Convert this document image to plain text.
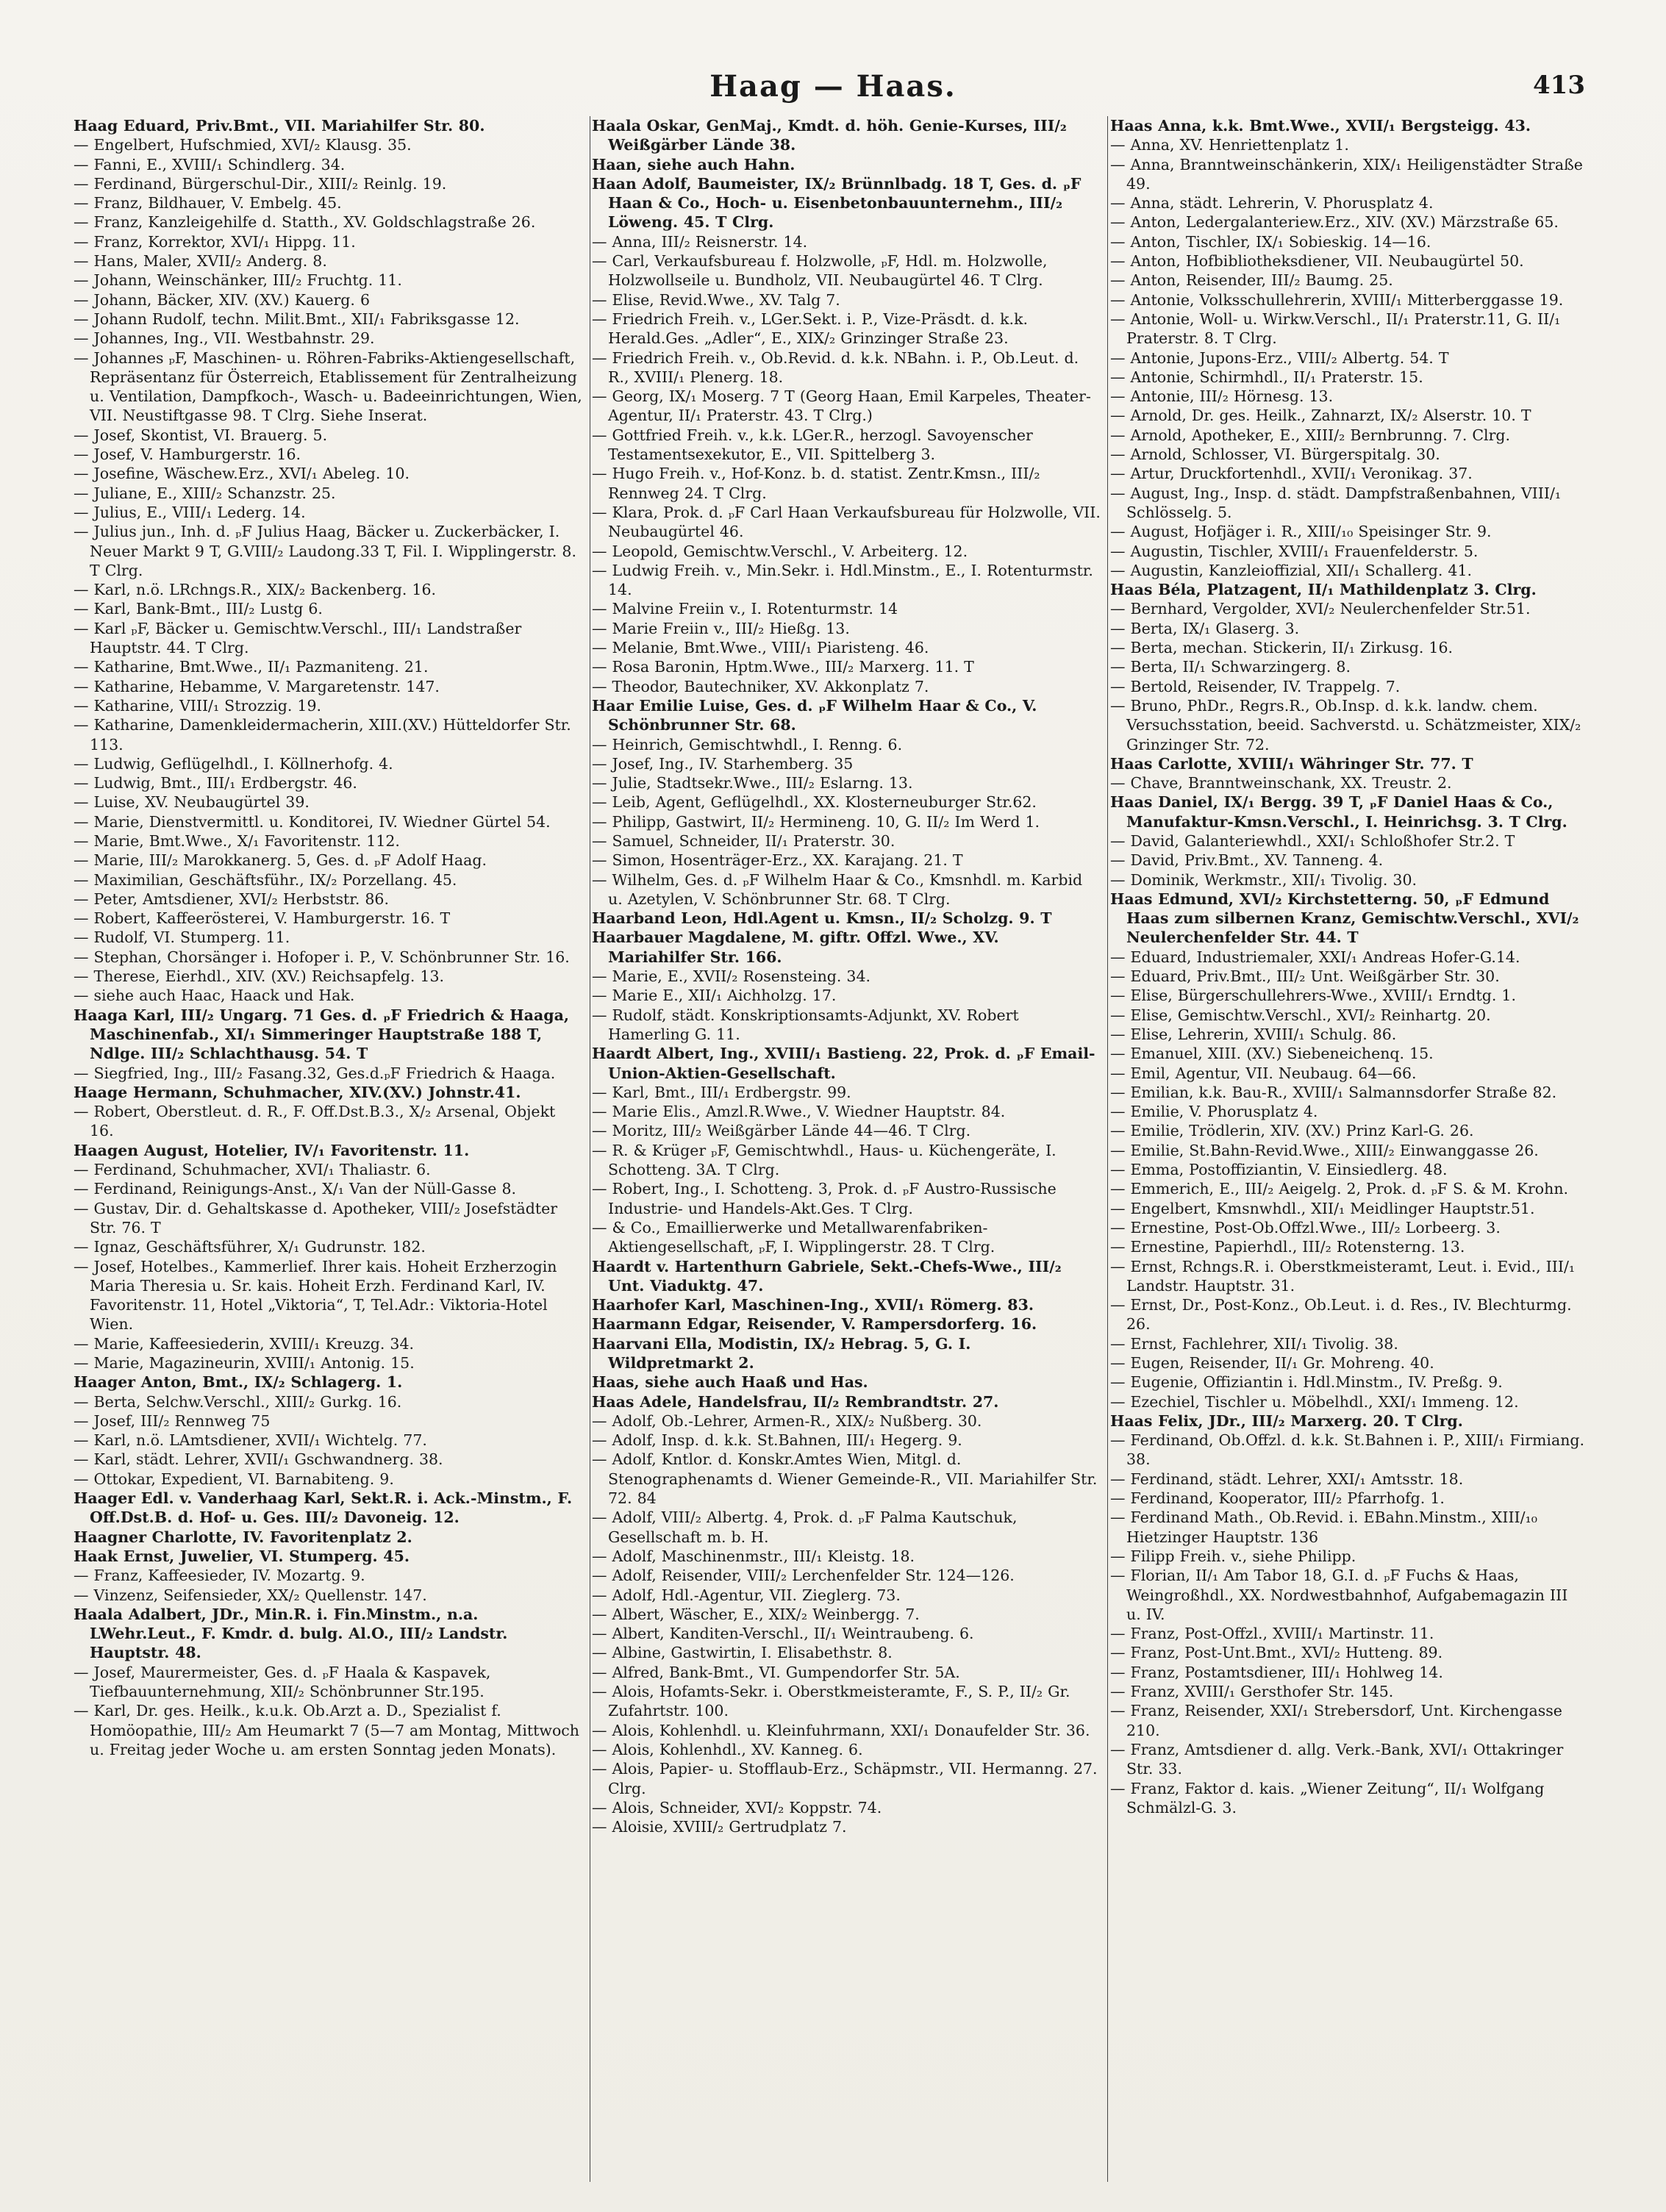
Haag — Haas.	413
Haag Eduard, Priv.Bmt., VII. Mariahilfer Str. 80.
— Engelbert, Hufschmied, XVI/₂ Klausg. 35.
— Fanni, E., XVIII/₁ Schindlerg. 34.
— Ferdinand, Bürgerschul-Dir., XIII/₂ Reinlg. 19.
— Franz, Bildhauer, V. Embelg. 45.
— Franz, Kanzleigehilfe d. Statth., XV. Goldschlagstraße 26.
— Franz, Korrektor, XVI/₁ Hippg. 11.
— Hans, Maler, XVII/₂ Anderg. 8.
— Johann, Weinschänker, III/₂ Fruchtg. 11.
— Johann, Bäcker, XIV. (XV.) Kauerg. 6
— Johann Rudolf, techn. Milit.Bmt., XII/₁ Fabriksgasse 12.
— Johannes, Ing., VII. Westbahnstr. 29.
— Johannes ₚF, Maschinen- u. Röhren-Fabriks-Aktiengesellschaft, Repräsentanz für Österreich, Etablissement für Zentralheizung u. Ventilation, Dampfkoch-, Wasch- u. Badeeinrichtungen, Wien, VII. Neustiftgasse 98. T Clrg. Siehe Inserat.
— Josef, Skontist, VI. Brauerg. 5.
— Josef, V. Hamburgerstr. 16.
— Josefine, Wäschew.Erz., XVI/₁ Abeleg. 10.
— Juliane, E., XIII/₂ Schanzstr. 25.
— Julius, E., VIII/₁ Lederg. 14.
— Julius jun., Inh. d. ₚF Julius Haag, Bäcker u. Zuckerbäcker, I. Neuer Markt 9 T, G.VIII/₂ Laudong.33 T, Fil. I. Wipplingerstr. 8. T Clrg.
— Karl, n.ö. LRchngs.R., XIX/₂ Backenberg. 16.
— Karl, Bank-Bmt., III/₂ Lustg 6.
— Karl ₚF, Bäcker u. Gemischtw.Verschl., III/₁ Landstraßer Hauptstr. 44. T Clrg.
— Katharine, Bmt.Wwe., II/₁ Pazmaniteng. 21.
— Katharine, Hebamme, V. Margaretenstr. 147.
— Katharine, VIII/₁ Strozzig. 19.
— Katharine, Damenkleidermacherin, XIII.(XV.) Hütteldorfer Str. 113.
— Ludwig, Geflügelhdl., I. Köllnerhofg. 4.
— Ludwig, Bmt., III/₁ Erdbergstr. 46.
— Luise, XV. Neubaugürtel 39.
— Marie, Dienstvermittl. u. Konditorei, IV. Wiedner Gürtel 54.
— Marie, Bmt.Wwe., X/₁ Favoritenstr. 112.
— Marie, III/₂ Marokkanerg. 5, Ges. d. ₚF Adolf Haag.
— Maximilian, Geschäftsführ., IX/₂ Porzellang. 45.
— Peter, Amtsdiener, XVI/₂ Herbststr. 86.
— Robert, Kaffeerösterei, V. Hamburgerstr. 16. T
— Rudolf, VI. Stumperg. 11.
— Stephan, Chorsänger i. Hofoper i. P., V. Schönbrunner Str. 16.
— Therese, Eierhdl., XIV. (XV.) Reichsapfelg. 13.
— siehe auch Haac, Haack und Hak.
Haaga Karl, III/₂ Ungarg. 71 Ges. d. ₚF Friedrich & Haaga, Maschinenfab., XI/₁ Simmeringer Hauptstraße 188 T, Ndlge. III/₂ Schlachthausg. 54. T
— Siegfried, Ing., III/₂ Fasang.32, Ges.d.ₚF Friedrich & Haaga.
Haage Hermann, Schuhmacher, XIV.(XV.) Johnstr.41.
— Robert, Oberstleut. d. R., F. Off.Dst.B.3., X/₂ Arsenal, Objekt 16.
Haagen August, Hotelier, IV/₁ Favoritenstr. 11.
— Ferdinand, Schuhmacher, XVI/₁ Thaliastr. 6.
— Ferdinand, Reinigungs-Anst., X/₁ Van der Nüll-Gasse 8.
— Gustav, Dir. d. Gehaltskasse d. Apotheker, VIII/₂ Josefstädter Str. 76. T
— Ignaz, Geschäftsführer, X/₁ Gudrunstr. 182.
— Josef, Hotelbes., Kammerlief. Ihrer kais. Hoheit Erzherzogin Maria Theresia u. Sr. kais. Hoheit Erzh. Ferdinand Karl, IV. Favoritenstr. 11, Hotel „Viktoria“, T, Tel.Adr.: Viktoria-Hotel Wien.
— Marie, Kaffeesiederin, XVIII/₁ Kreuzg. 34.
— Marie, Magazineurin, XVIII/₁ Antonig. 15.
Haager Anton, Bmt., IX/₂ Schlagerg. 1.
— Berta, Selchw.Verschl., XIII/₂ Gurkg. 16.
— Josef, III/₂ Rennweg 75
— Karl, n.ö. LAmtsdiener, XVII/₁ Wichtelg. 77.
— Karl, städt. Lehrer, XVII/₁ Gschwandnerg. 38.
— Ottokar, Expedient, VI. Barnabiteng. 9.
Haager Edl. v. Vanderhaag Karl, Sekt.R. i. Ack.-Minstm., F. Off.Dst.B. d. Hof- u. Ges. III/₂ Davoneig. 12.
Haagner Charlotte, IV. Favoritenplatz 2.
Haak Ernst, Juwelier, VI. Stumperg. 45.
— Franz, Kaffeesieder, IV. Mozartg. 9.
— Vinzenz, Seifensieder, XX/₂ Quellenstr. 147.
Haala Adalbert, JDr., Min.R. i. Fin.Minstm., n.a. LWehr.Leut., F. Kmdr. d. bulg. Al.O., III/₂ Landstr. Hauptstr. 48.
— Josef, Maurermeister, Ges. d. ₚF Haala & Kaspavek, Tiefbauunternehmung, XII/₂ Schönbrunner Str.195.
— Karl, Dr. ges. Heilk., k.u.k. Ob.Arzt a. D., Spezialist f. Homöopathie, III/₂ Am Heumarkt 7 (5—7 am Montag, Mittwoch u. Freitag jeder Woche u. am ersten Sonntag jeden Monats).
Haala Oskar, GenMaj., Kmdt. d. höh. Genie-Kurses, III/₂ Weißgärber Lände 38.
Haan, siehe auch Hahn.
Haan Adolf, Baumeister, IX/₂ Brünnlbadg. 18 T, Ges. d. ₚF Haan & Co., Hoch- u. Eisenbetonbauunternehm., III/₂ Löweng. 45. T Clrg.
— Anna, III/₂ Reisnerstr. 14.
— Carl, Verkaufsbureau f. Holzwolle, ₚF, Hdl. m. Holzwolle, Holzwollseile u. Bundholz, VII. Neubaugürtel 46. T Clrg.
— Elise, Revid.Wwe., XV. Talg 7.
— Friedrich Freih. v., LGer.Sekt. i. P., Vize-Präsdt. d. k.k. Herald.Ges. „Adler“, E., XIX/₂ Grinzinger Straße 23.
— Friedrich Freih. v., Ob.Revid. d. k.k. NBahn. i. P., Ob.Leut. d. R., XVIII/₁ Plenerg. 18.
— Georg, IX/₁ Moserg. 7 T (Georg Haan, Emil Karpeles, Theater-Agentur, II/₁ Praterstr. 43. T Clrg.)
— Gottfried Freih. v., k.k. LGer.R., herzogl. Savoyenscher Testamentsexekutor, E., VII. Spittelberg 3.
— Hugo Freih. v., Hof-Konz. b. d. statist. Zentr.Kmsn., III/₂ Rennweg 24. T Clrg.
— Klara, Prok. d. ₚF Carl Haan Verkaufsbureau für Holzwolle, VII. Neubaugürtel 46.
— Leopold, Gemischtw.Verschl., V. Arbeiterg. 12.
— Ludwig Freih. v., Min.Sekr. i. Hdl.Minstm., E., I. Rotenturmstr. 14.
— Malvine Freiin v., I. Rotenturmstr. 14
— Marie Freiin v., III/₂ Hießg. 13.
— Melanie, Bmt.Wwe., VIII/₁ Piaristeng. 46.
— Rosa Baronin, Hptm.Wwe., III/₂ Marxerg. 11. T
— Theodor, Bautechniker, XV. Akkonplatz 7.
Haar Emilie Luise, Ges. d. ₚF Wilhelm Haar & Co., V. Schönbrunner Str. 68.
— Heinrich, Gemischtwhdl., I. Renng. 6.
— Josef, Ing., IV. Starhemberg. 35
— Julie, Stadtsekr.Wwe., III/₂ Eslarng. 13.
— Leib, Agent, Geflügelhdl., XX. Klosterneuburger Str.62.
— Philipp, Gastwirt, II/₂ Hermineng. 10, G. II/₂ Im Werd 1.
— Samuel, Schneider, II/₁ Praterstr. 30.
— Simon, Hosenträger-Erz., XX. Karajang. 21. T
— Wilhelm, Ges. d. ₚF Wilhelm Haar & Co., Kmsnhdl. m. Karbid u. Azetylen, V. Schönbrunner Str. 68. T Clrg.
Haarband Leon, Hdl.Agent u. Kmsn., II/₂ Scholzg. 9. T
Haarbauer Magdalene, M. giftr. Offzl. Wwe., XV. Mariahilfer Str. 166.
— Marie, E., XVII/₂ Rosensteing. 34.
— Marie E., XII/₁ Aichholzg. 17.
— Rudolf, städt. Konskriptionsamts-Adjunkt, XV. Robert Hamerling G. 11.
Haardt Albert, Ing., XVIII/₁ Bastieng. 22, Prok. d. ₚF Email-Union-Aktien-Gesellschaft.
— Karl, Bmt., III/₁ Erdbergstr. 99.
— Marie Elis., Amzl.R.Wwe., V. Wiedner Hauptstr. 84.
— Moritz, III/₂ Weißgärber Lände 44—46. T Clrg.
— R. & Krüger ₚF, Gemischtwhdl., Haus- u. Küchengeräte, I. Schotteng. 3A. T Clrg.
— Robert, Ing., I. Schotteng. 3, Prok. d. ₚF Austro-Russische Industrie- und Handels-Akt.Ges. T Clrg.
— & Co., Emaillierwerke und Metallwarenfabriken-Aktiengesellschaft, ₚF, I. Wipplingerstr. 28. T Clrg.
Haardt v. Hartenthurn Gabriele, Sekt.-Chefs-Wwe., III/₂ Unt. Viaduktg. 47.
Haarhofer Karl, Maschinen-Ing., XVII/₁ Römerg. 83.
Haarmann Edgar, Reisender, V. Rampersdorferg. 16.
Haarvani Ella, Modistin, IX/₂ Hebrag. 5, G. I. Wildpretmarkt 2.
Haas, siehe auch Haaß und Has.
Haas Adele, Handelsfrau, II/₂ Rembrandtstr. 27.
— Adolf, Ob.-Lehrer, Armen-R., XIX/₂ Nußberg. 30.
— Adolf, Insp. d. k.k. St.Bahnen, III/₁ Hegerg. 9.
— Adolf, Kntlor. d. Konskr.Amtes Wien, Mitgl. d. Stenographenamts d. Wiener Gemeinde-R., VII. Mariahilfer Str. 72. 84
— Adolf, VIII/₂ Albertg. 4, Prok. d. ₚF Palma Kautschuk, Gesellschaft m. b. H.
— Adolf, Maschinenmstr., III/₁ Kleistg. 18.
— Adolf, Reisender, VIII/₂ Lerchenfelder Str. 124—126.
— Adolf, Hdl.-Agentur, VII. Zieglerg. 73.
— Albert, Wäscher, E., XIX/₂ Weinbergg. 7.
— Albert, Kanditen-Verschl., II/₁ Weintraubeng. 6.
— Albine, Gastwirtin, I. Elisabethstr. 8.
— Alfred, Bank-Bmt., VI. Gumpendorfer Str. 5A.
— Alois, Hofamts-Sekr. i. Oberstkmeisteramte, F., S. P., II/₂ Gr. Zufahrtstr. 100.
— Alois, Kohlenhdl. u. Kleinfuhrmann, XXI/₁ Donaufelder Str. 36.
— Alois, Kohlenhdl., XV. Kanneg. 6.
— Alois, Papier- u. Stofflaub-Erz., Schäpmstr., VII. Hermanng. 27. Clrg.
— Alois, Schneider, XVI/₂ Koppstr. 74.
— Aloisie, XVIII/₂ Gertrudplatz 7.
Haas Anna, k.k. Bmt.Wwe., XVII/₁ Bergsteigg. 43.
— Anna, XV. Henriettenplatz 1.
— Anna, Branntweinschänkerin, XIX/₁ Heiligenstädter Straße 49.
— Anna, städt. Lehrerin, V. Phorusplatz 4.
— Anton, Ledergalanteriew.Erz., XIV. (XV.) Märzstraße 65.
— Anton, Tischler, IX/₁ Sobieskig. 14—16.
— Anton, Hofbibliotheksdiener, VII. Neubaugürtel 50.
— Anton, Reisender, III/₂ Baumg. 25.
— Antonie, Volksschullehrerin, XVIII/₁ Mitterberggasse 19.
— Antonie, Woll- u. Wirkw.Verschl., II/₁ Praterstr.11, G. II/₁ Praterstr. 8. T Clrg.
— Antonie, Jupons-Erz., VIII/₂ Albertg. 54. T
— Antonie, Schirmhdl., II/₁ Praterstr. 15.
— Antonie, III/₂ Hörnesg. 13.
— Arnold, Dr. ges. Heilk., Zahnarzt, IX/₂ Alserstr. 10. T
— Arnold, Apotheker, E., XIII/₂ Bernbrunng. 7. Clrg.
— Arnold, Schlosser, VI. Bürgerspitalg. 30.
— Artur, Druckfortenhdl., XVII/₁ Veronikag. 37.
— August, Ing., Insp. d. städt. Dampfstraßenbahnen, VIII/₁ Schlösselg. 5.
— August, Hofjäger i. R., XIII/₁₀ Speisinger Str. 9.
— Augustin, Tischler, XVIII/₁ Frauenfelderstr. 5.
— Augustin, Kanzleioffizial, XII/₁ Schallerg. 41.
Haas Béla, Platzagent, II/₁ Mathildenplatz 3. Clrg.
— Bernhard, Vergolder, XVI/₂ Neulerchenfelder Str.51.
— Berta, IX/₁ Glaserg. 3.
— Berta, mechan. Stickerin, II/₁ Zirkusg. 16.
— Berta, II/₁ Schwarzingerg. 8.
— Bertold, Reisender, IV. Trappelg. 7.
— Bruno, PhDr., Regrs.R., Ob.Insp. d. k.k. landw. chem. Versuchsstation, beeid. Sachverstd. u. Schätzmeister, XIX/₂ Grinzinger Str. 72.
Haas Carlotte, XVIII/₁ Währinger Str. 77. T
— Chave, Branntweinschank, XX. Treustr. 2.
Haas Daniel, IX/₁ Bergg. 39 T, ₚF Daniel Haas & Co., Manufaktur-Kmsn.Verschl., I. Heinrichsg. 3. T Clrg.
— David, Galanteriewhdl., XXI/₁ Schloßhofer Str.2. T
— David, Priv.Bmt., XV. Tanneng. 4.
— Dominik, Werkmstr., XII/₁ Tivolig. 30.
Haas Edmund, XVI/₂ Kirchstetterng. 50, ₚF Edmund Haas zum silbernen Kranz, Gemischtw.Verschl., XVI/₂ Neulerchenfelder Str. 44. T
— Eduard, Industriemaler, XXI/₁ Andreas Hofer-G.14.
— Eduard, Priv.Bmt., III/₂ Unt. Weißgärber Str. 30.
— Elise, Bürgerschullehrers-Wwe., XVIII/₁ Erndtg. 1.
— Elise, Gemischtw.Verschl., XVI/₂ Reinhartg. 20.
— Elise, Lehrerin, XVIII/₁ Schulg. 86.
— Emanuel, XIII. (XV.) Siebeneichenq. 15.
— Emil, Agentur, VII. Neubaug. 64—66.
— Emilian, k.k. Bau-R., XVIII/₁ Salmannsdorfer Straße 82.
— Emilie, V. Phorusplatz 4.
— Emilie, Trödlerin, XIV. (XV.) Prinz Karl-G. 26.
— Emilie, St.Bahn-Revid.Wwe., XIII/₂ Einwanggasse 26.
— Emma, Postoffiziantin, V. Einsiedlerg. 48.
— Emmerich, E., III/₂ Aeigelg. 2, Prok. d. ₚF S. & M. Krohn.
— Engelbert, Kmsnwhdl., XII/₁ Meidlinger Hauptstr.51.
— Ernestine, Post-Ob.Offzl.Wwe., III/₂ Lorbeerg. 3.
— Ernestine, Papierhdl., III/₂ Rotensterng. 13.
— Ernst, Rchngs.R. i. Oberstkmeisteramt, Leut. i. Evid., III/₁ Landstr. Hauptstr. 31.
— Ernst, Dr., Post-Konz., Ob.Leut. i. d. Res., IV. Blechturmg. 26.
— Ernst, Fachlehrer, XII/₁ Tivolig. 38.
— Eugen, Reisender, II/₁ Gr. Mohreng. 40.
— Eugenie, Offiziantin i. Hdl.Minstm., IV. Preßg. 9.
— Ezechiel, Tischler u. Möbelhdl., XXI/₁ Immeng. 12.
Haas Felix, JDr., III/₂ Marxerg. 20. T Clrg.
— Ferdinand, Ob.Offzl. d. k.k. St.Bahnen i. P., XIII/₁ Firmiang. 38.
— Ferdinand, städt. Lehrer, XXI/₁ Amtsstr. 18.
— Ferdinand, Kooperator, III/₂ Pfarrhofg. 1.
— Ferdinand Math., Ob.Revid. i. EBahn.Minstm., XIII/₁₀ Hietzinger Hauptstr. 136
— Filipp Freih. v., siehe Philipp.
— Florian, II/₁ Am Tabor 18, G.I. d. ₚF Fuchs & Haas, Weingroßhdl., XX. Nordwestbahnhof, Aufgabemagazin III u. IV.
— Franz, Post-Offzl., XVIII/₁ Martinstr. 11.
— Franz, Post-Unt.Bmt., XVI/₂ Hutteng. 89.
— Franz, Postamtsdiener, III/₁ Hohlweg 14.
— Franz, XVIII/₁ Gersthofer Str. 145.
— Franz, Reisender, XXI/₁ Strebersdorf, Unt. Kirchengasse 210.
— Franz, Amtsdiener d. allg. Verk.-Bank, XVI/₁ Ottakringer Str. 33.
— Franz, Faktor d. kais. „Wiener Zeitung“, II/₁ Wolfgang Schmälzl-G. 3.
